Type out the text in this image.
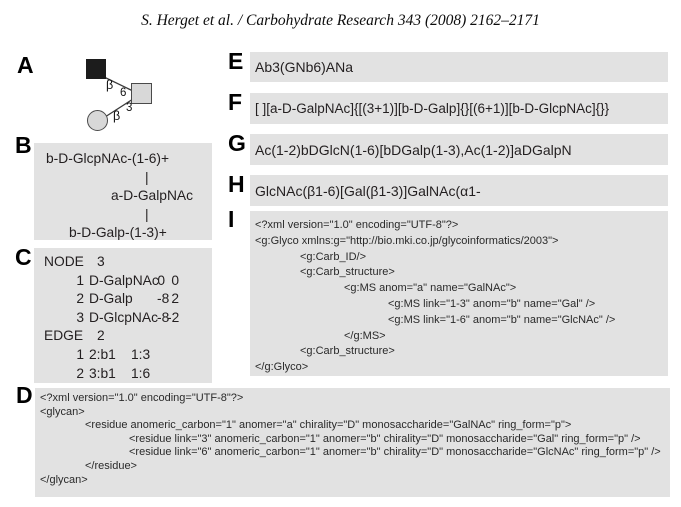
S. Herget et al. / Carbohydrate Research 343 (2008) 2162–2171
A
β
6
3
β
B
b-D-GlcpNAc-(1-6)+
|
a-D-GalpNAc
|
b-D-Galp-(1-3)+
C NODE 3
1 D-GalpNAc0 0
2 D-Galp -8 2
3 D-GlcpNAc-8-2
EDGE 2
1 2:b1 1:3
2 3:b1 1:6
D <?xml version="1.0" encoding="UTF-8"?>
<glycan>
<residue anomeric_carbon="1" anomer="a" chirality="D" monosaccharide="GalNAc" ring_form="p">
<residue link="3" anomeric_carbon="1" anomer="b" chirality="D" monosaccharide="Gal" ring_form="p" />
<residue link="6" anomeric_carbon="1" anomer="b" chirality="D" monosaccharide="GlcNAc" ring_form="p" />
</residue>
</glycan>
E Ab3(GNb6)ANa
F [ ][a-D-GalpNAc]{[(3+1)][b-D-Galp]{}[(6+1)][b-D-GlcpNAc]{}}
G Ac(1-2)bDGlcN(1-6)[bDGalp(1-3),Ac(1-2)]aDGalpN
H GlcNAc(β1-6)[Gal(β1-3)]GalNAc(α1-
I	<?xml version="1.0" encoding="UTF-8"?>
<g:Glyco xmlns:g="http://bio.mki.co.jp/glycoinformatics/2003">
<g:Carb_ID/>
<g:Carb_structure>
<g:MS anom="a" name="GalNAc">
<g:MS link="1-3" anom="b" name="Gal" />
<g:MS link="1-6" anom="b" name="GlcNAc" />
</g:MS>
<g:Carb_structure>
</g:Glyco>
